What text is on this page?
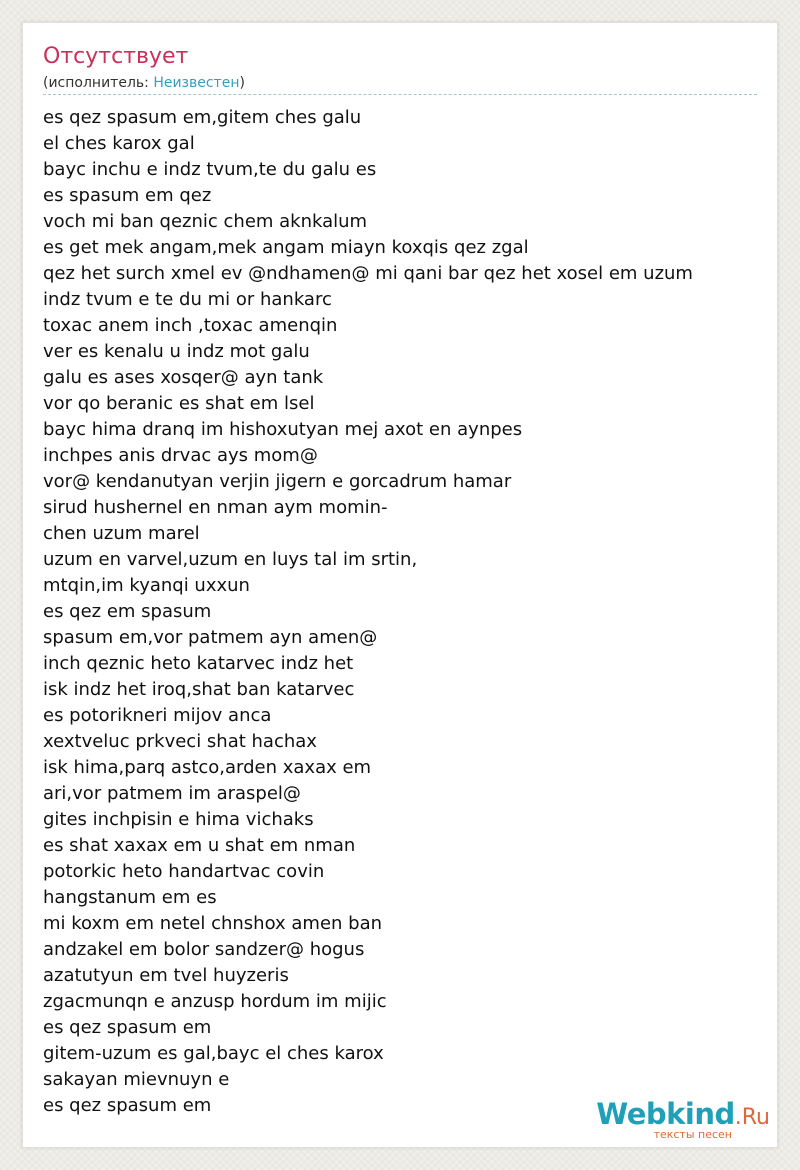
Отсутствует
(исполнитель: Неизвестен)
es qez spasum em,gitem ches galu
el ches karox gal
bayc inchu e indz tvum,te du galu es
es spasum em qez
voch mi ban qeznic chem aknkalum
es get mek angam,mek angam miayn koxqis qez zgal
qez het surch xmel ev @ndhamen@ mi qani bar qez het xosel em uzum
indz tvum e te du mi or hankarc
toxac anem inch ,toxac amenqin
ver es kenalu u indz mot galu
galu es ases xosqer@ ayn tank
vor qo beranic es shat em lsel
bayc hima dranq im hishoxutyan mej axot en aynpes
inchpes anis drvac ays mom@
vor@ kendanutyan verjin jigern e gorcadrum hamar
sirud hushernel en nman aym momin-
chen uzum marel
uzum en varvel,uzum en luys tal im srtin,
mtqin,im kyanqi uxxun
es qez em spasum
spasum em,vor patmem ayn amen@
inch qeznic heto katarvec indz het
isk indz het iroq,shat ban katarvec
es potorikneri mijov anca
xextveluc prkveci shat hachax
isk hima,parq astco,arden xaxax em
ari,vor patmem im araspel@
gites inchpisin e hima vichaks
es shat xaxax em u shat em nman
potorkic heto handartvac covin
hangstanum em es
mi koxm em netel chnshox amen ban
andzakel em bolor sandzer@ hogus
azatutyun em tvel huyzeris
zgacmunqn e anzusp hordum im mijic
es qez spasum em
gitem-uzum es gal,bayc el ches karox
sakayan mievnuyn e
es qez spasum em	Webkind.Ru
тексты песен
